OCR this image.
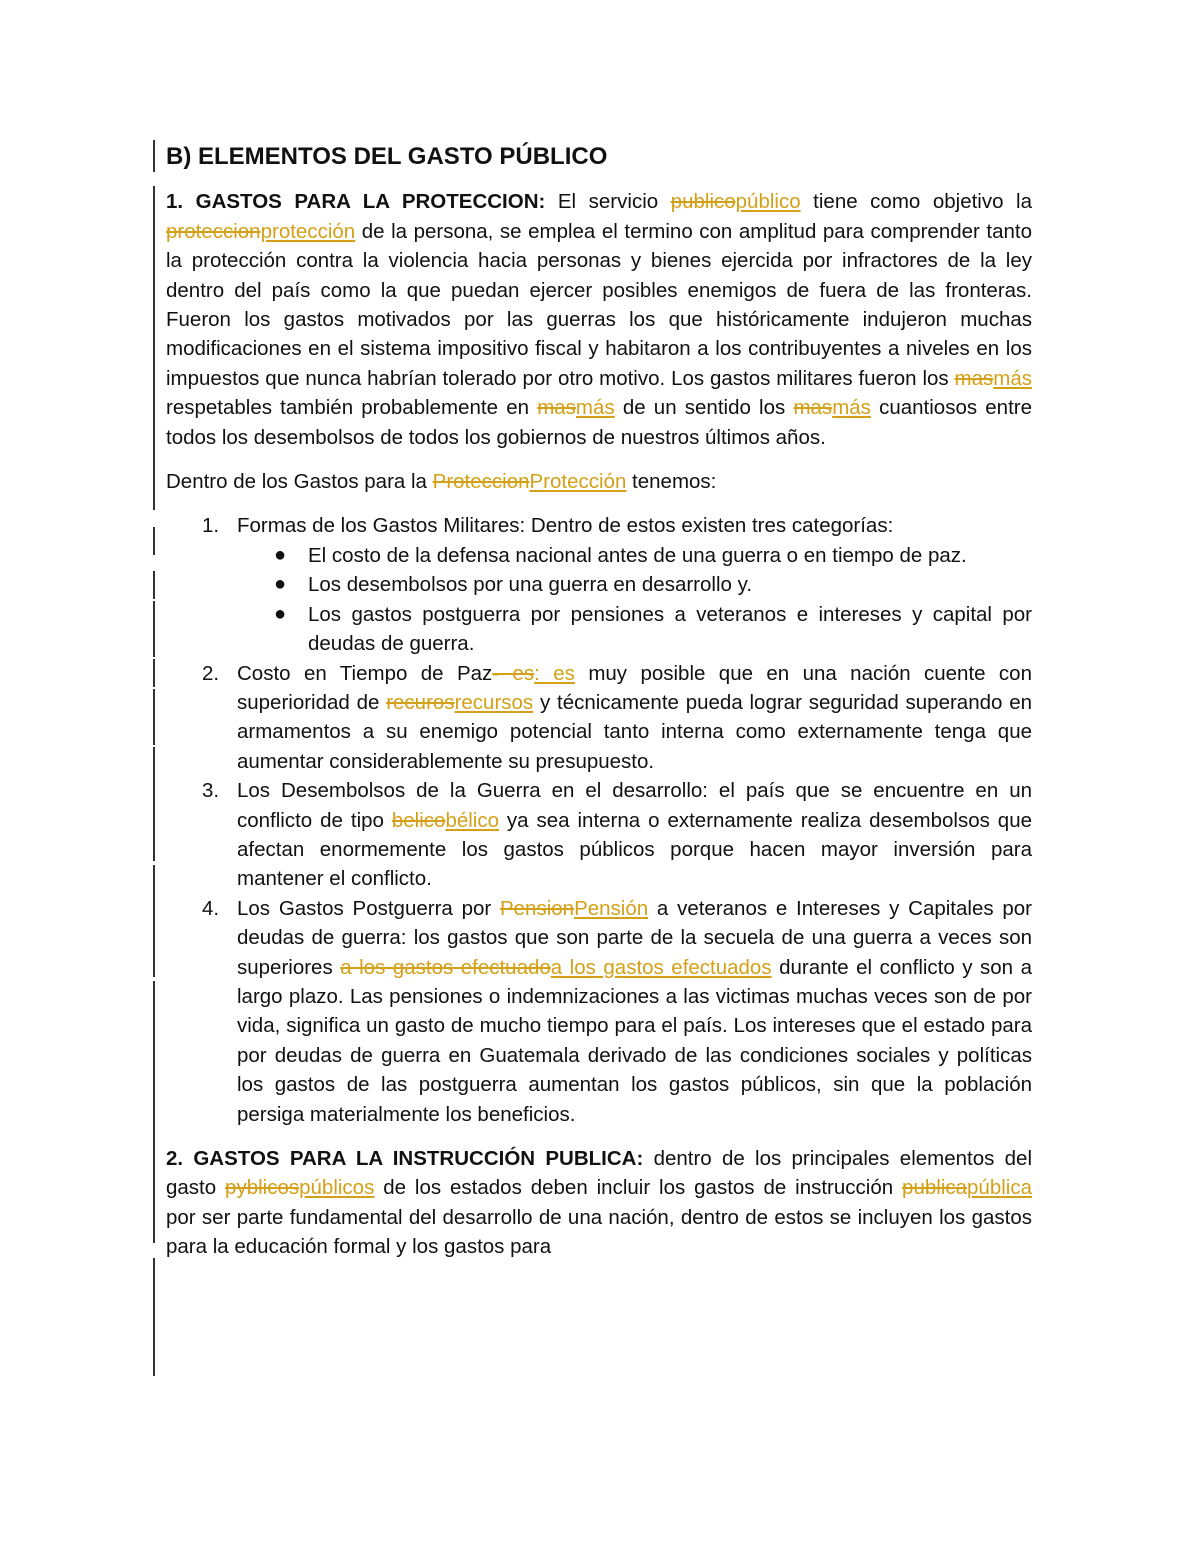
B) ELEMENTOS DEL GASTO PÚBLICO

1. GASTOS PARA LA PROTECCION: El servicio publicopúblico tiene como objetivo la proteccionprotección de la persona, se emplea el termino con amplitud para comprender tanto la protección contra la violencia hacia personas y bienes ejercida por infractores de la ley dentro del país como la que puedan ejercer posibles enemigos de fuera de las fronteras. Fueron los gastos motivados por las guerras los que históricamente indujeron muchas modificaciones en el sistema impositivo fiscal y habitaron a los contribuyentes a niveles en los impuestos que nunca habrían tolerado por otro motivo. Los gastos militares fueron los masmás respetables también probablemente en masmás de un sentido los masmás cuantiosos entre todos los desembolsos de todos los gobiernos de nuestros últimos años.

Dentro de los Gastos para la ProteccionProtección tenemos:

1. Formas de los Gastos Militares: Dentro de estos existen tres categorías:
● El costo de la defensa nacional antes de una guerra o en tiempo de paz.
● Los desembolsos por una guerra en desarrollo y.
● Los gastos postguerra por pensiones a veteranos e intereses y capital por deudas de guerra.
2. Costo en Tiempo de Paz- es: es muy posible que en una nación cuente con superioridad de recurosrecursos y técnicamente pueda lograr seguridad superando en armamentos a su enemigo potencial tanto interna como externamente tenga que aumentar considerablemente su presupuesto.
3. Los Desembolsos de la Guerra en el desarrollo: el país que se encuentre en un conflicto de tipo belicobélico ya sea interna o externamente realiza desembolsos que afectan enormemente los gastos públicos porque hacen mayor inversión para mantener el conflicto.
4. Los Gastos Postguerra por PensionPensión a veteranos e Intereses y Capitales por deudas de guerra: los gastos que son parte de la secuela de una guerra a veces son superiores a los gastos efectuadoa los gastos efectuados durante el conflicto y son a largo plazo. Las pensiones o indemnizaciones a las victimas muchas veces son de por vida, significa un gasto de mucho tiempo para el país. Los intereses que el estado para por deudas de guerra en Guatemala derivado de las condiciones sociales y políticas los gastos de las postguerra aumentan los gastos públicos, sin que la población persiga materialmente los beneficios.

2. GASTOS PARA LA INSTRUCCIÓN PUBLICA: dentro de los principales elementos del gasto pyblicospúblicos de los estados deben incluir los gastos de instrucción publicapública por ser parte fundamental del desarrollo de una nación, dentro de estos se incluyen los gastos para la educación formal y los gastos para
